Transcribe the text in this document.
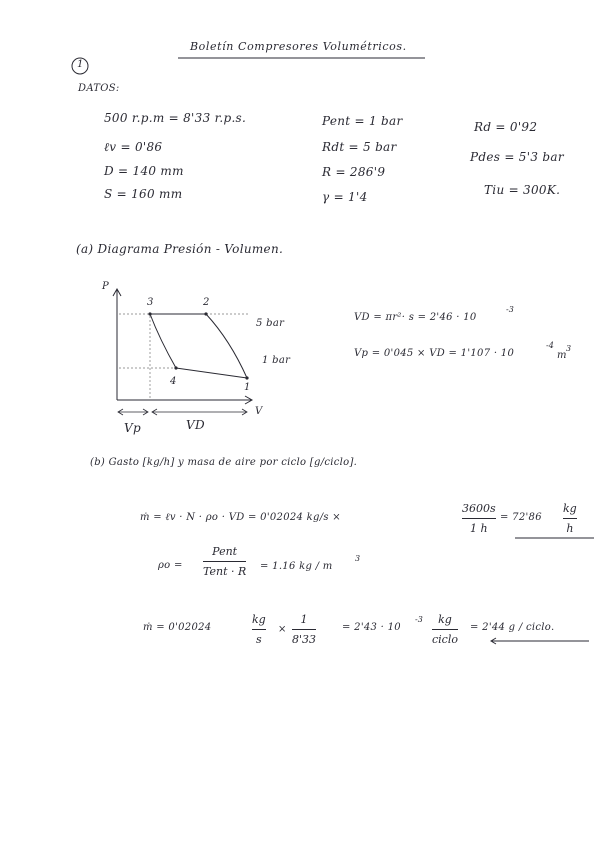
Boletín Compresores Volumétricos.
1
DATOS:
500 r.p.m = 8'33 r.p.s.
ℓv = 0'86
D = 140 mm
S = 160 mm
Pent = 1 bar
Rdt = 5 bar
R = 286'9
γ = 1'4
Rd = 0'92
Pdes = 5'3 bar
Tiu = 300K.
(a) Diagrama Presión - Volumen.
P
V
3	2
4
1
5 bar
1 bar
Vp	VD
VD = πr²· s = 2'46 · 10
-3
Vp = 0'045 × VD = 1'107 · 10
-4
m
3
(b) Gasto [kg/h] y masa de aire por ciclo [g/ciclo].
ṁ = ℓv · N · ρo · VD = 0'02024 kg/s ×
3600s
1 h
= 72'86
kg
h
ρo =
Pent
Tent · R = 1.16 kg / m
3
ṁ = 0'02024
kg
s
×
1
8'33
= 2'43 · 10
-3 kg
ciclo
= 2'44 g / ciclo.
